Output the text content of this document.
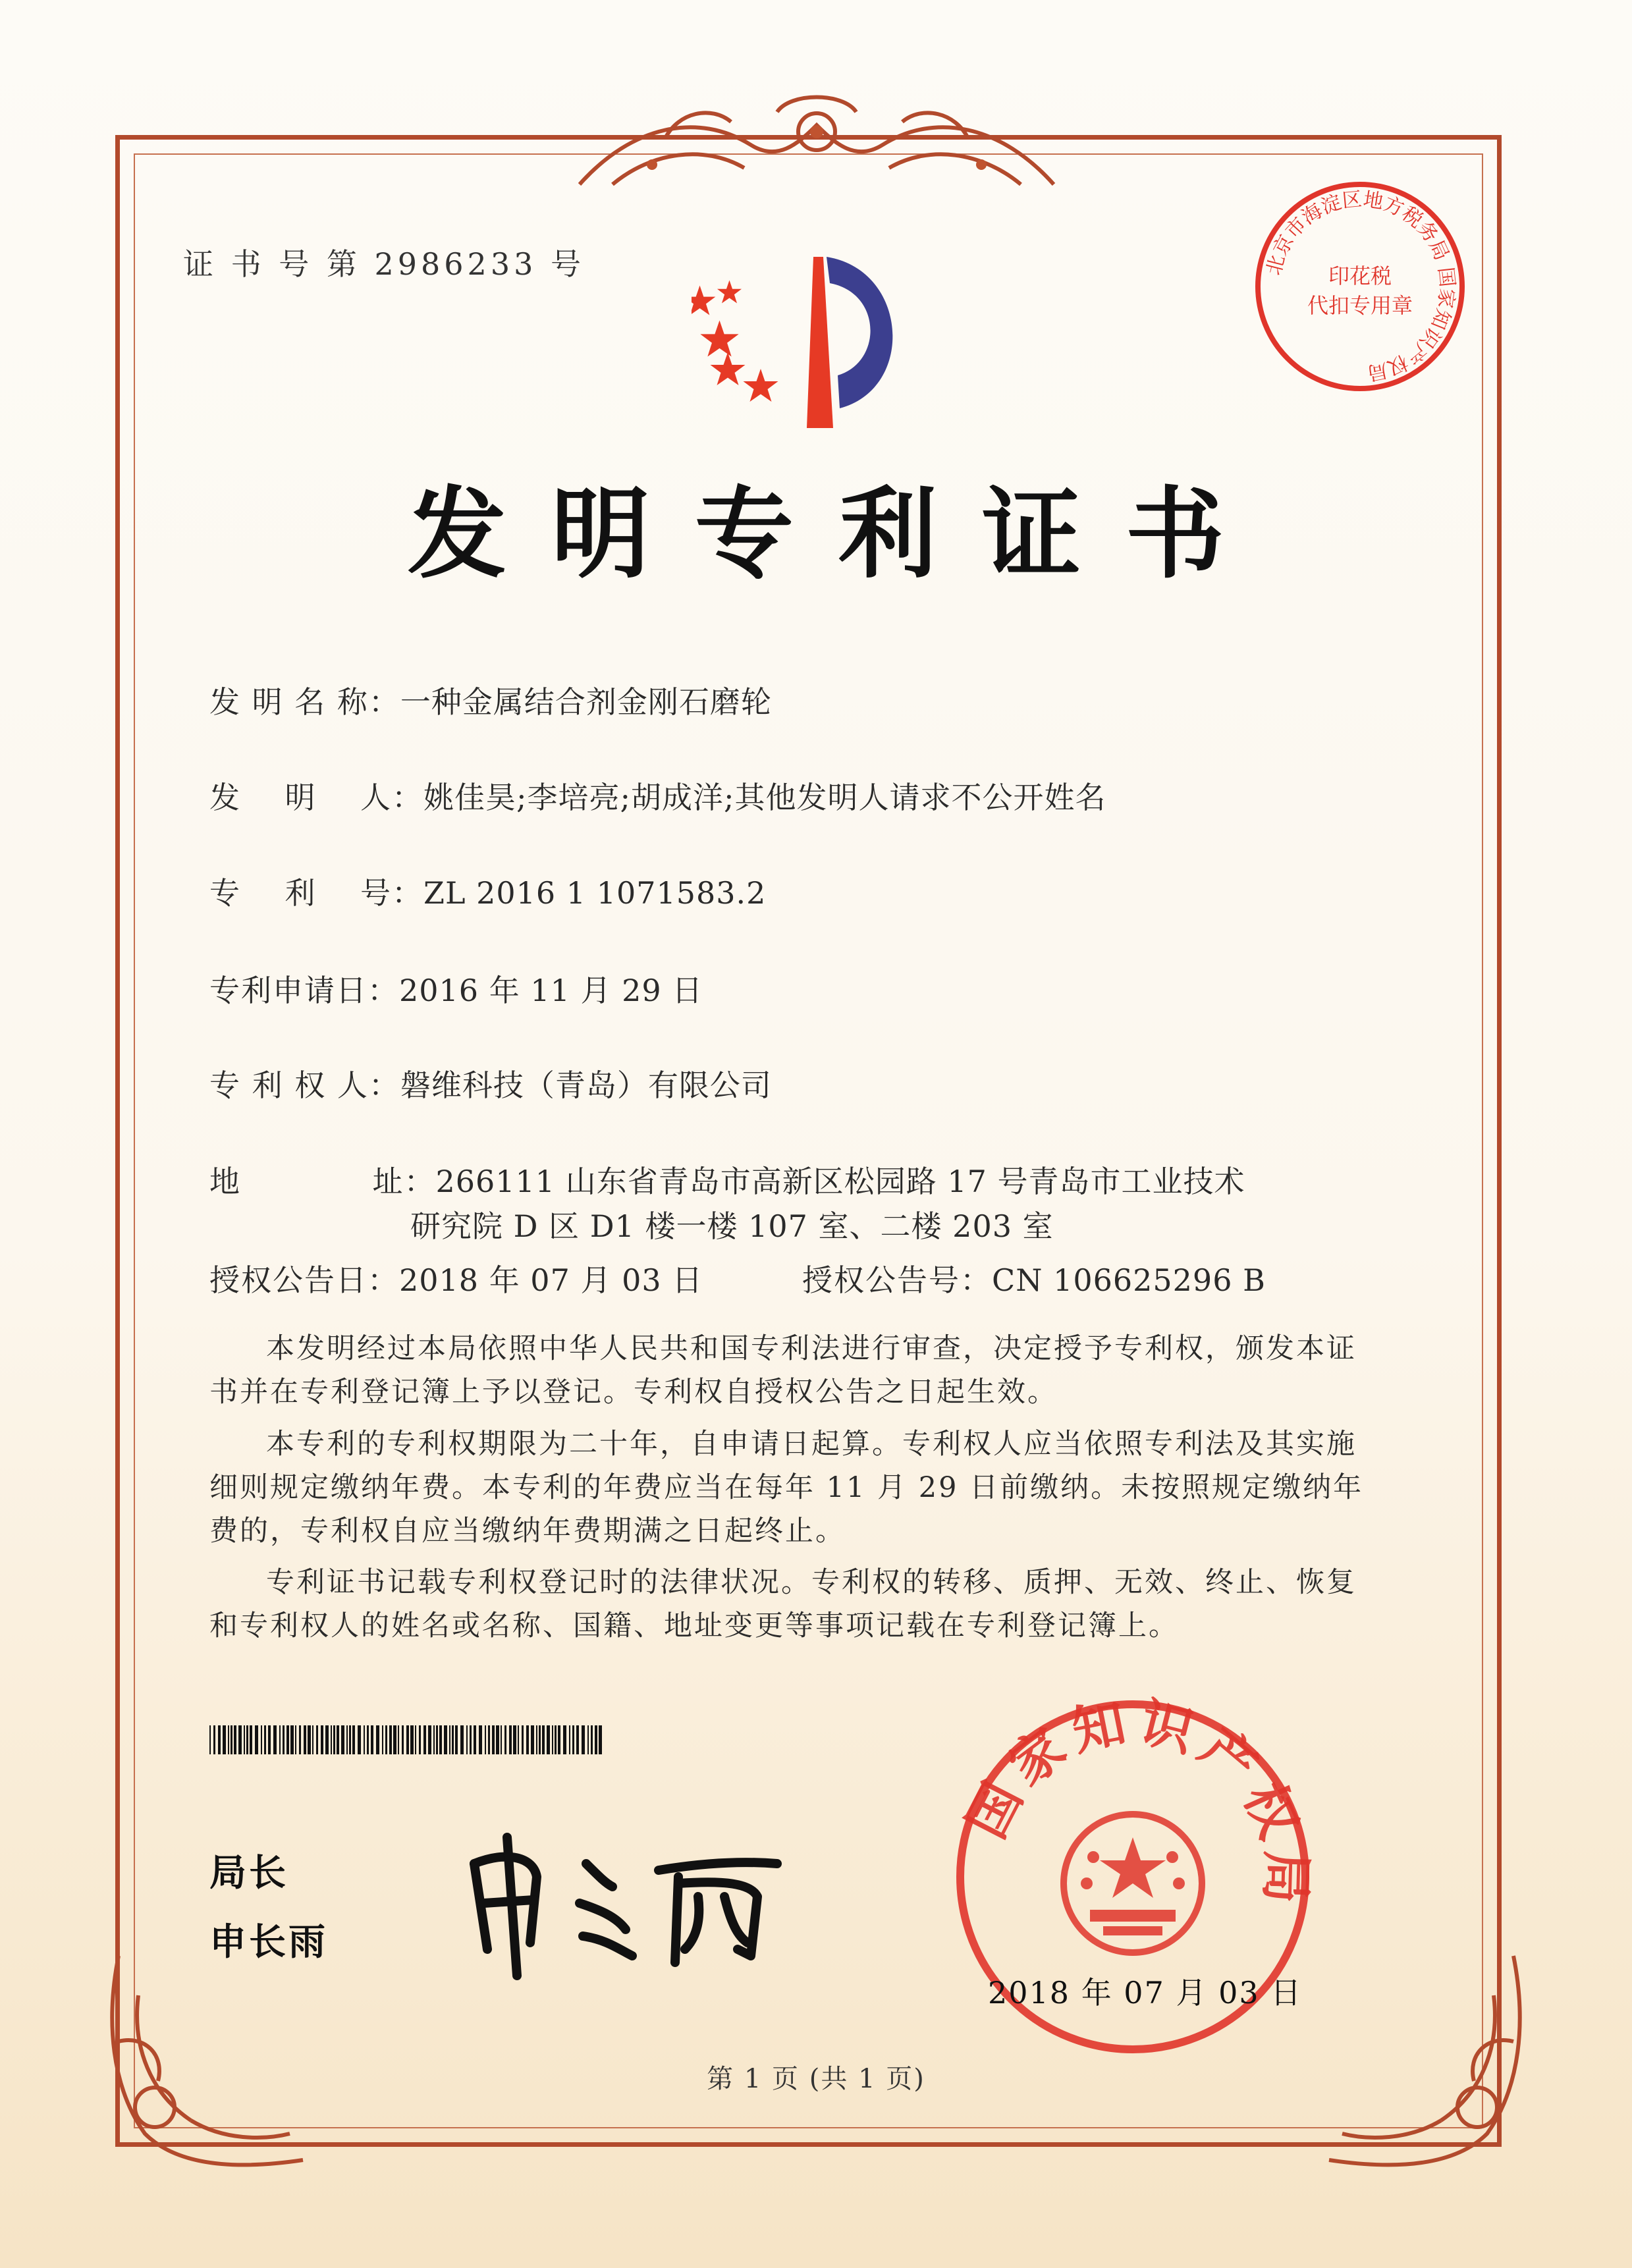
证 书 号 第 2986233 号	北京市海淀区地方税务局 国家知识产权局
印花税
代扣专用章
发明专利证书
发 明 名 称：一种金属结合剂金刚石磨轮
发    明    人：姚佳昊;李培亮;胡成洋;其他发明人请求不公开姓名
专    利    号：ZL 2016 1 1071583.2
专利申请日：2016 年 11 月 29 日
专 利 权 人：磐维科技（青岛）有限公司
地            址：266111 山东省青岛市高新区松园路 17 号青岛市工业技术
研究院 D 区 D1 楼一楼 107 室、二楼 203 室
授权公告日：2018 年 07 月 03 日	授权公告号：CN 106625296 B
本发明经过本局依照中华人民共和国专利法进行审查，决定授予专利权，颁发本证书并在专利登记簿上予以登记。专利权自授权公告之日起生效。
本专利的专利权期限为二十年，自申请日起算。专利权人应当依照专利法及其实施细则规定缴纳年费。本专利的年费应当在每年 11 月 29 日前缴纳。未按照规定缴纳年费的，专利权自应当缴纳年费期满之日起终止。
专利证书记载专利权登记时的法律状况。专利权的转移、质押、无效、终止、恢复和专利权人的姓名或名称、国籍、地址变更等事项记载在专利登记簿上。
局长
申长雨
国家知识产权局
2018 年 07 月 03 日
第 1 页 (共 1 页)
